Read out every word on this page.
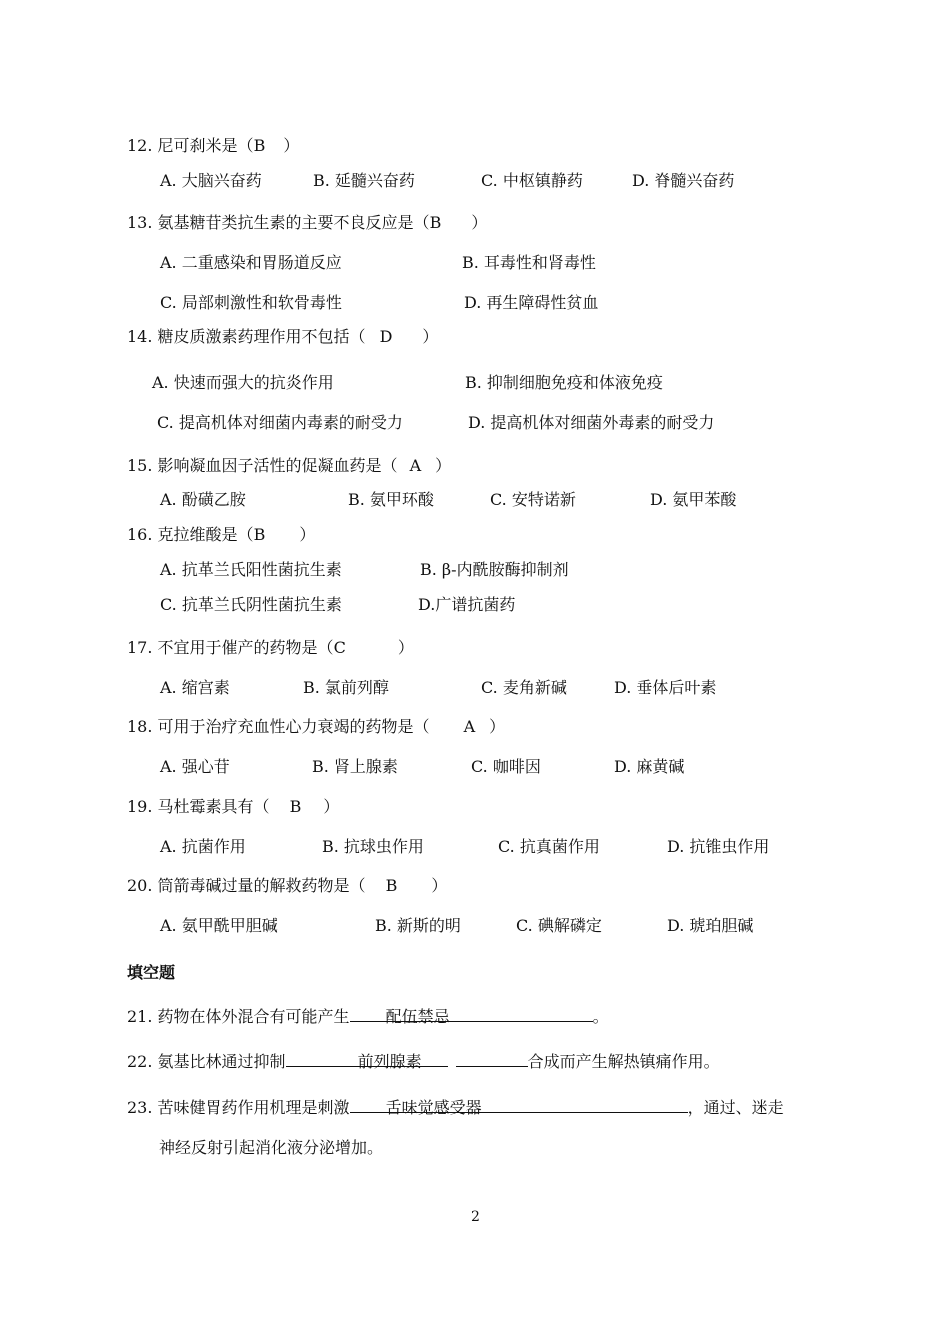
12. 尼可刹米是（B ）
A. 大脑兴奋药	B. 延髓兴奋药	C. 中枢镇静药	D. 脊髓兴奋药
13. 氨基糖苷类抗生素的主要不良反应是（B ）
A. 二重感染和胃肠道反应	B. 耳毒性和肾毒性
C. 局部刺激性和软骨毒性	D. 再生障碍性贫血
14. 糖皮质激素药理作用不包括（ D ）
A. 快速而强大的抗炎作用	B. 抑制细胞免疫和体液免疫
C. 提高机体对细菌内毒素的耐受力	D. 提高机体对细菌外毒素的耐受力
15. 影响凝血因子活性的促凝血药是（ A ）
A. 酚磺乙胺	B. 氨甲环酸	C. 安特诺新	D. 氨甲苯酸
16. 克拉维酸是（B ）
A. 抗革兰氏阳性菌抗生素	B. β-内酰胺酶抑制剂
C. 抗革兰氏阴性菌抗生素	D.广谱抗菌药
17. 不宜用于催产的药物是（C	）
A. 缩宫素	B. 氯前列醇	C. 麦角新碱	D. 垂体后叶素
18. 可用于治疗充血性心力衰竭的药物是（ A ）
A. 强心苷	B. 肾上腺素	C. 咖啡因	D. 麻黄碱
19. 马杜霉素具有（ B ）
A. 抗菌作用	B. 抗球虫作用	C. 抗真菌作用	D. 抗锥虫作用
20. 筒箭毒碱过量的解救药物是（ B ）
A. 氨甲酰甲胆碱	B. 新斯的明	C. 碘解磷定	D. 琥珀胆碱
填空题
21. 药物在体外混合有可能产生 配伍禁忌	。
22. 氨基比林通过抑制	前列腺素	合成而产生解热镇痛作用。
23. 苦味健胃药作用机理是刺激 舌味觉感受器	，通过、迷走
神经反射引起消化液分泌增加。
2
